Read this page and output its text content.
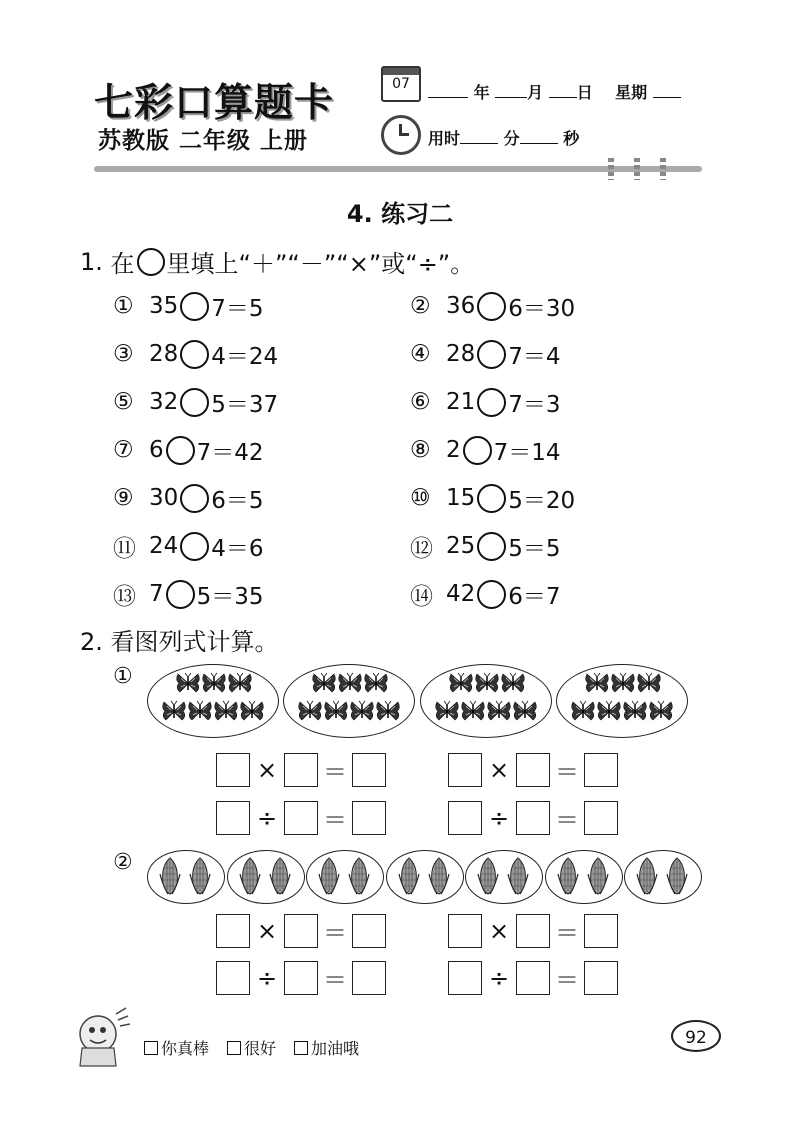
七彩口算题卡
苏教版 二年级 上册
07	年 月 日 星期
用时	分	秒
4. 练习二
1.
在 里填上“＋”“－”“×”或“÷”。
① 35 7＝5	② 36 6＝30
③ 28 4＝24	④ 28 7＝4
⑤ 32 5＝37	⑥ 21 7＝3
⑦ 6 7＝42	⑧ 2 7＝14
⑨ 30 6＝5	⑩ 15 5＝20
⑪ 24 4＝6	⑫ 25 5＝5
⑬ 7 5＝35	⑭ 42 6＝7
2. 看图列式计算。
①
②
× ＝	× ＝
÷ ＝	÷ ＝
× ＝	× ＝
÷ ＝	÷ ＝
你真棒 很好 加油哦
92
